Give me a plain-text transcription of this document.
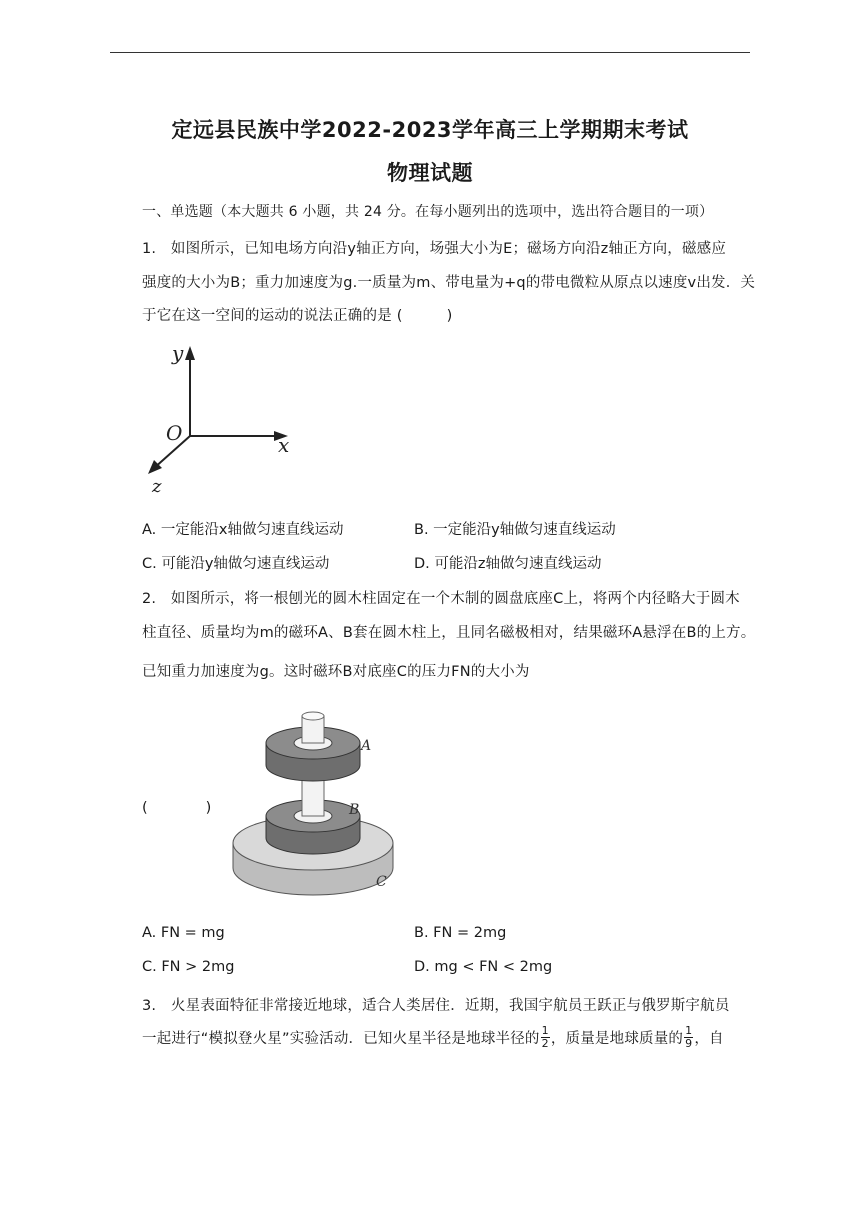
定远县民族中学2022-2023学年高三上学期期末考试
物理试题
一、单选题（本大题共 6 小题，共 24 分。在每小题列出的选项中，选出符合题目的一项）
1.　如图所示，已知电场方向沿y轴正方向，场强大小为E；磁场方向沿z轴正方向，磁感应
强度的大小为B；重力加速度为g.一质量为m、带电量为+q的带电微粒从原点以速度v出发．关
于它在这一空间的运动的说法正确的是 (　　　)
y
x
z
O
A. 一定能沿x轴做匀速直线运动	B. 一定能沿y轴做匀速直线运动
C. 可能沿y轴做匀速直线运动	D. 可能沿z轴做匀速直线运动
2.　如图所示，将一根刨光的圆木柱固定在一个木制的圆盘底座C上，将两个内径略大于圆木
柱直径、质量均为m的磁环A、B套在圆木柱上，且同名磁极相对，结果磁环A悬浮在B的上方。
已知重力加速度为g。这时磁环B对底座C的压力FN的大小为
(　　　　)
A
B
C
A. FN = mg	B. FN = 2mg
C. FN > 2mg	D. mg < FN < 2mg
3.　火星表面特征非常接近地球，适合人类居住．近期，我国宇航员王跃正与俄罗斯宇航员
一起进行“模拟登火星”实验活动．已知火星半径是地球半径的 $\frac{1}{2}$ ，质量是地球质量的 $\frac{1}{9}$ ，自
